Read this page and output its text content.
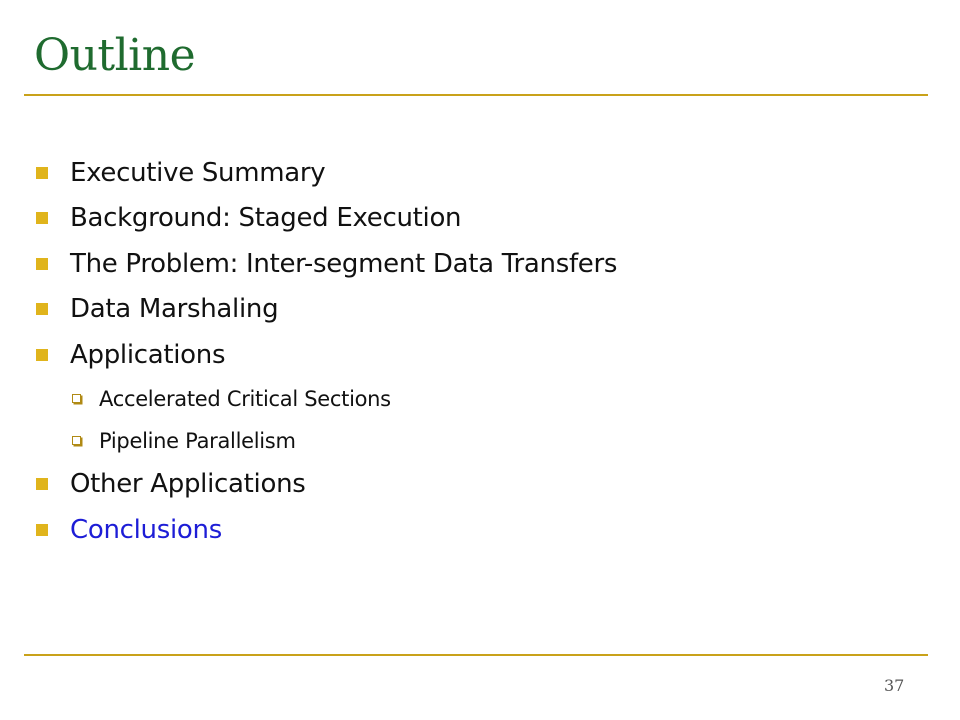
Outline
Executive Summary
Background: Staged Execution
The Problem: Inter-segment Data Transfers
Data Marshaling
Applications
Accelerated Critical Sections
Pipeline Parallelism
Other Applications
Conclusions
37
